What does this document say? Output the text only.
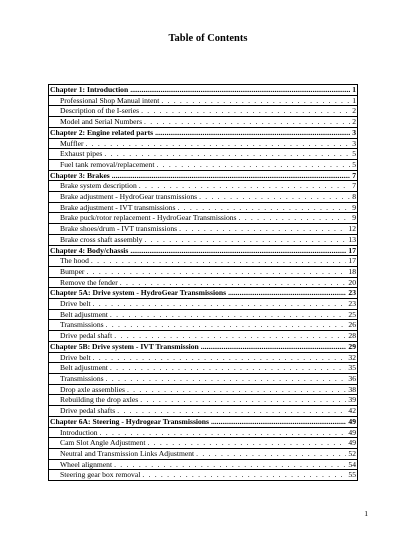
Table of Contents
Chapter 1: Introduction .....	1
Professional Shop Manual intent . . .	1
Description of the I-series . . .	2
Model and Serial Numbers . . .	2
Chapter 2: Engine related parts .....	3
Muffler . . .	3
Exhaust pipes . . .	5
Fuel tank removal/replacement . . .	5
Chapter 3: Brakes .....	7
Brake system description . . .	7
Brake adjustment - HydroGear transmissions . . .	8
Brake adjustment - IVT transmissions . . .	9
Brake puck/rotor replacement - HydroGear Transmissions . . .	9
Brake shoes/drum - IVT transmissions . . .	12
Brake cross shaft assembly . . .	13
Chapter 4: Body/chassis .....	17
The hood . . .	17
Bumper . . .	18
Remove the fender . . .	20
Chapter 5A: Drive system - HydroGear Transmissions .....	23
Drive belt . . .	23
Belt adjustment . . .	25
Transmissions . . .	26
Drive pedal shaft . . .	28
Chapter 5B: Drive system - IVT Transmission .....	29
Drive belt . . .	32
Belt adjustment . . .	35
Transmissions . . .	36
Drop axle assemblies . . .	38
Rebuilding the drop axles . . .	39
Drive pedal shafts . . .	42
Chapter 6A: Steering - Hydrogear Transmissions .....	49
Introduction . . .	49
Cam Slot Angle Adjustment . . .	49
Neutral and Transmission Links Adjustment . . .	52
Wheel alignment . . .	54
Steering gear box removal . . .	55
1
